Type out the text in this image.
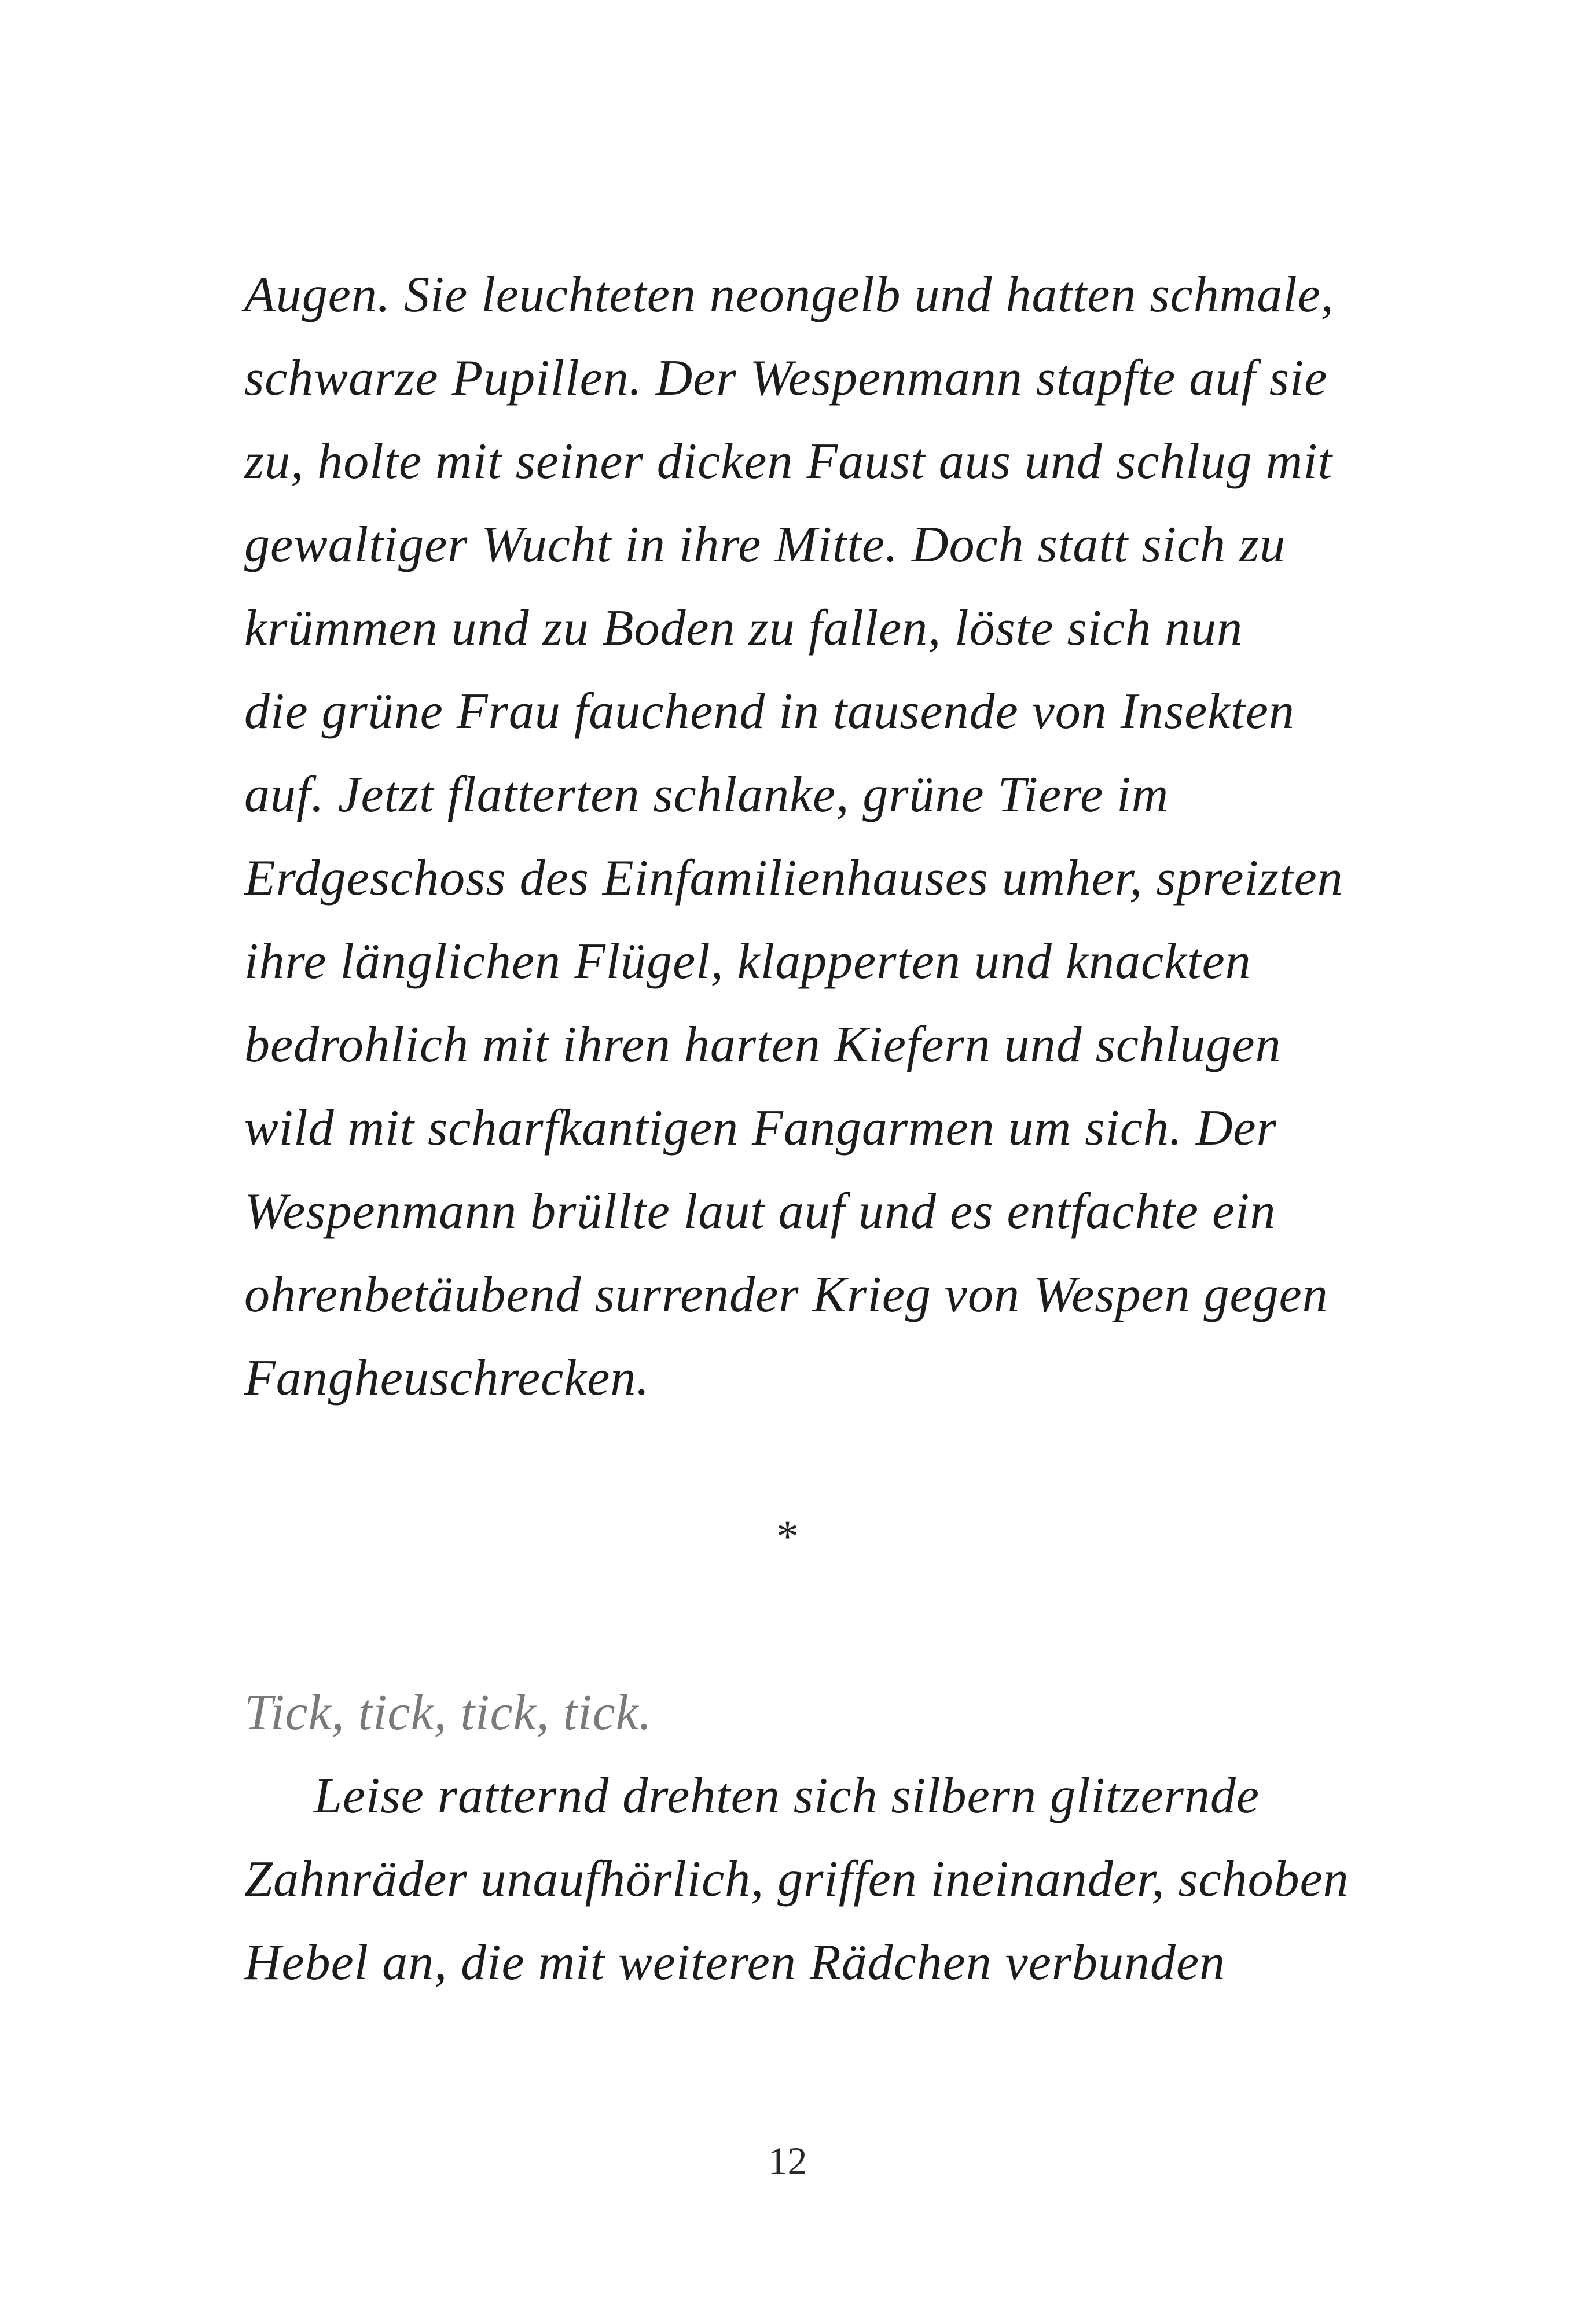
Augen. Sie leuchteten neongelb und hatten schmale,
schwarze Pupillen. Der Wespenmann stapfte auf sie
zu, holte mit seiner dicken Faust aus und schlug mit
gewaltiger Wucht in ihre Mitte. Doch statt sich zu
krümmen und zu Boden zu fallen, löste sich nun
die grüne Frau fauchend in tausende von Insekten
auf. Jetzt flatterten schlanke, grüne Tiere im
Erdgeschoss des Einfamilienhauses umher, spreizten
ihre länglichen Flügel, klapperten und knackten
bedrohlich mit ihren harten Kiefern und schlugen
wild mit scharfkantigen Fangarmen um sich. Der
Wespenmann brüllte laut auf und es entfachte ein
ohrenbetäubend surrender Krieg von Wespen gegen
Fangheuschrecken.
*
Tick, tick, tick, tick.
Leise ratternd drehten sich silbern glitzernde
Zahnräder unaufhörlich, griffen ineinander, schoben
Hebel an, die mit weiteren Rädchen verbunden
12
